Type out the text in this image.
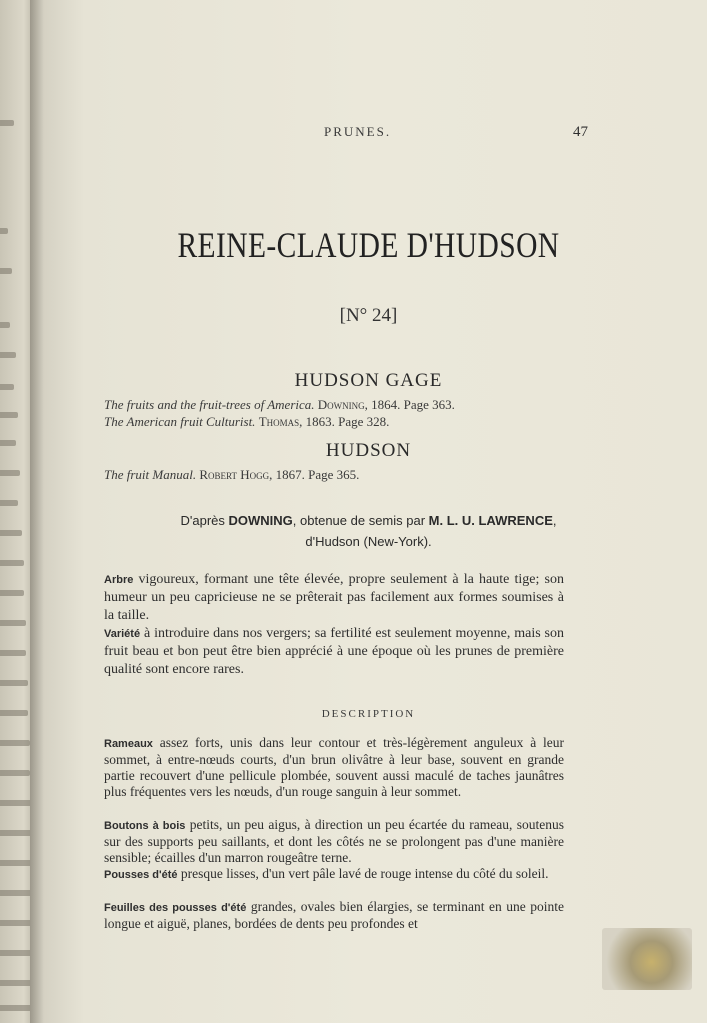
PRUNES.	47
REINE-CLAUDE D'HUDSON
[N° 24]
HUDSON GAGE
The fruits and the fruit-trees of America. Downing, 1864. Page 363.
The American fruit Culturist. Thomas, 1863. Page 328.
HUDSON
The fruit Manual. Robert Hogg, 1867. Page 365.
D'après DOWNING, obtenue de semis par M. L. U. LAWRENCE,
d'Hudson (New-York).
Arbre vigoureux, formant une tête élevée, propre seulement à la haute tige; son humeur un peu capricieuse ne se prêterait pas facilement aux formes soumises à la taille.
Variété à introduire dans nos vergers; sa fertilité est seulement moyenne, mais son fruit beau et bon peut être bien apprécié à une époque où les prunes de première qualité sont encore rares.
DESCRIPTION
Rameaux assez forts, unis dans leur contour et très-légèrement anguleux à leur sommet, à entre-nœuds courts, d'un brun olivâtre à leur base, souvent en grande partie recouvert d'une pellicule plombée, souvent aussi maculé de taches jaunâtres plus fréquentes vers les nœuds, d'un rouge sanguin à leur sommet.
Boutons à bois petits, un peu aigus, à direction un peu écartée du rameau, soutenus sur des supports peu saillants, et dont les côtés ne se prolongent pas d'une manière sensible; écailles d'un marron rougeâtre terne.
Pousses d'été presque lisses, d'un vert pâle lavé de rouge intense du côté du soleil.
Feuilles des pousses d'été grandes, ovales bien élargies, se terminant en une pointe longue et aiguë, planes, bordées de dents peu profondes et
